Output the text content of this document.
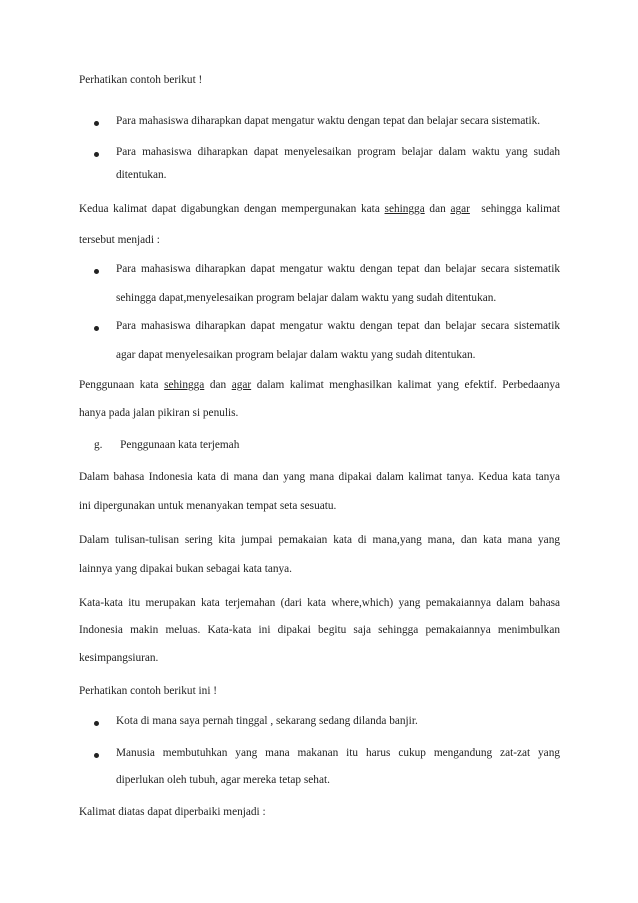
Perhatikan contoh berikut !
Para mahasiswa diharapkan dapat mengatur waktu dengan tepat dan belajar secara sistematik.
Para mahasiswa diharapkan dapat menyelesaikan program belajar dalam waktu yang sudah
ditentukan.
Kedua kalimat dapat digabungkan dengan mempergunakan kata sehingga dan agar sehingga kalimat
tersebut menjadi :
Para mahasiswa diharapkan dapat mengatur waktu dengan tepat dan belajar secara sistematik
sehingga dapat,menyelesaikan program belajar dalam waktu yang sudah ditentukan.
Para mahasiswa diharapkan dapat mengatur waktu dengan tepat dan belajar secara sistematik
agar dapat menyelesaikan program belajar dalam waktu yang sudah ditentukan.
Penggunaan kata sehingga dan agar dalam kalimat menghasilkan kalimat yang efektif. Perbedaanya
hanya pada jalan pikiran si penulis.
g. Penggunaan kata terjemah
Dalam bahasa Indonesia kata di mana dan yang mana dipakai dalam kalimat tanya. Kedua kata tanya
ini dipergunakan untuk menanyakan tempat seta sesuatu.
Dalam tulisan-tulisan sering kita jumpai pemakaian kata di mana,yang mana, dan kata mana yang
lainnya yang dipakai bukan sebagai kata tanya.
Kata-kata itu merupakan kata terjemahan (dari kata where,which) yang pemakaiannya dalam bahasa
Indonesia makin meluas. Kata-kata ini dipakai begitu saja sehingga pemakaiannya menimbulkan
kesimpangsiuran.
Perhatikan contoh berikut ini !
Kota di mana saya pernah tinggal , sekarang sedang dilanda banjir.
Manusia membutuhkan yang mana makanan itu harus cukup mengandung zat-zat yang
diperlukan oleh tubuh, agar mereka tetap sehat.
Kalimat diatas dapat diperbaiki menjadi :
